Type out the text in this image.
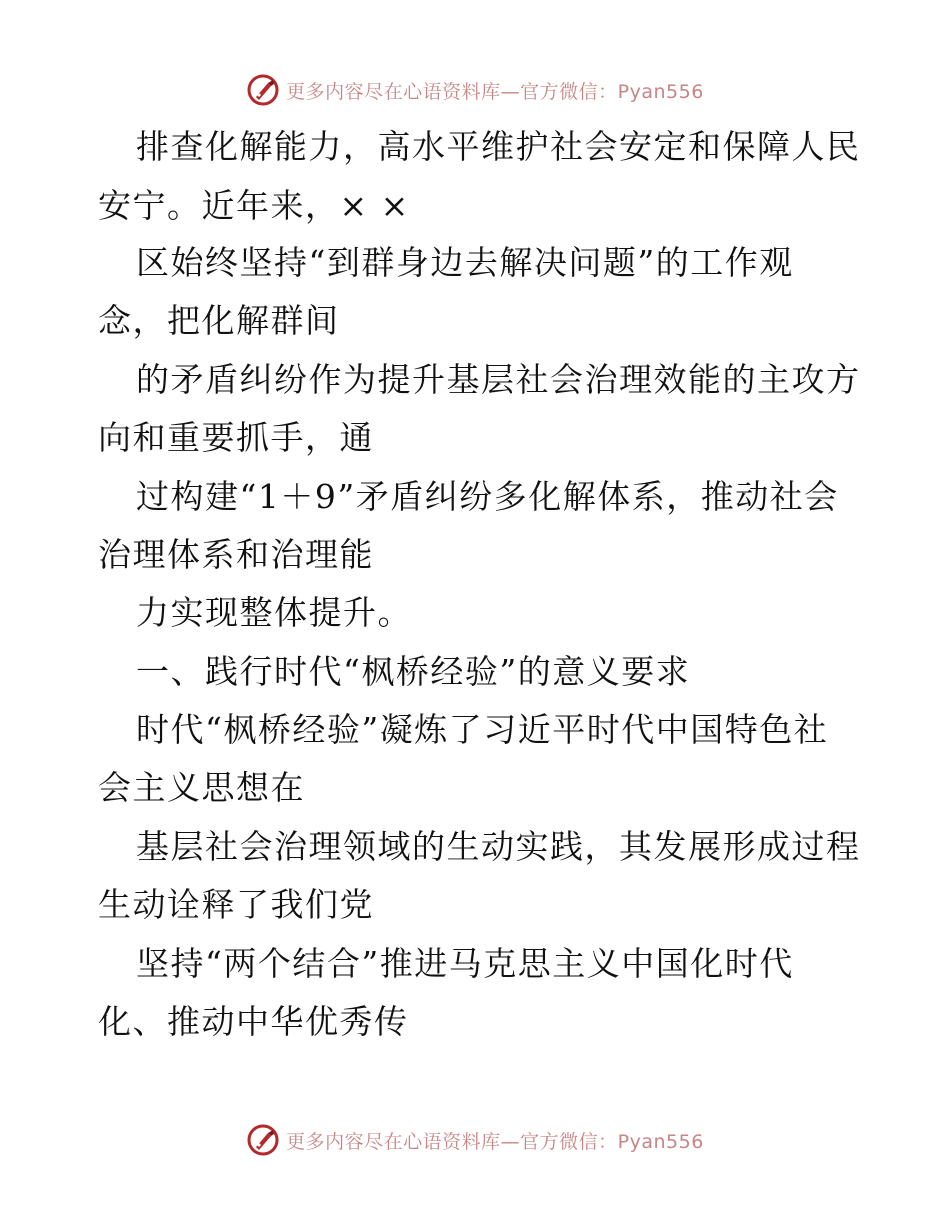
更多内容尽在心语资料库—官方微信：Pyan556
排查化解能力，高水平维护社会安定和保障人民
安宁。近年来，× ×
区始终坚持“到群身边去解决问题”的工作观
念，把化解群间
的矛盾纠纷作为提升基层社会治理效能的主攻方
向和重要抓手，通
过构建“1＋9”矛盾纠纷多化解体系，推动社会
治理体系和治理能
力实现整体提升。
一、践行时代“枫桥经验”的意义要求
时代“枫桥经验”凝炼了习近平时代中国特色社
会主义思想在
基层社会治理领域的生动实践，其发展形成过程
生动诠释了我们党
坚持“两个结合”推进马克思主义中国化时代
化、推动中华优秀传
更多内容尽在心语资料库—官方微信：Pyan556
